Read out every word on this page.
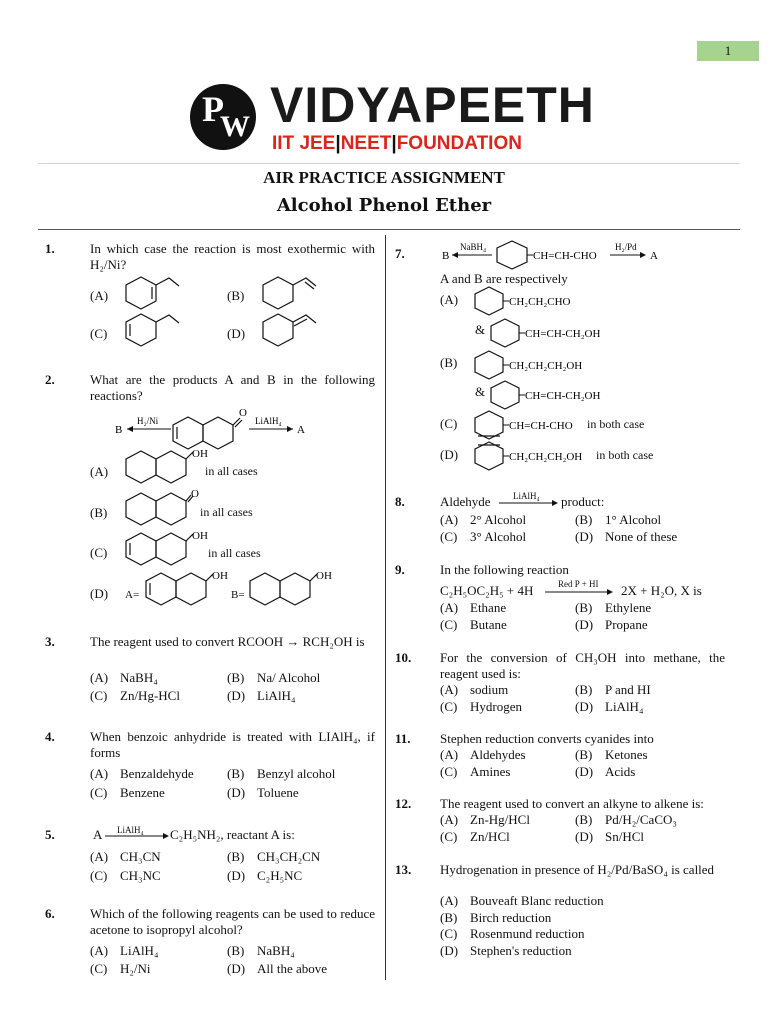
1
P
W VIDYAPEETH
IIT JEE|NEET|FOUNDATION
AIR PRACTICE ASSIGNMENT
Alcohol Phenol Ether
1.	In which case the reaction is most exothermic with H₂/Ni?
(A)	(B)
(C)	(D)
2.	What are the products A and B in the following reactions?
B
H₂/Ni
O
LiAlH₄
A
(A)
OH
in all cases
(B)
O
in all cases
(C)
OH
in all cases
(D) A=
OH
B=
OH
3.	The reagent used to convert RCOOH → RCH₂OH is
(A) NaBH₄	(B) Na/ Alcohol
(C) Zn/Hg-HCl	(D) LiAlH₄
4.	When benzoic anhydride is treated with LIAlH₄, if forms
(A) Benzaldehyde	(B) Benzyl alcohol
(C) Benzene	(D) Toluene
5.	A LiAlH₄ C₂H₅NH₂, reactant A is:
(A) CH₃CN	(B) CH₃CH₂CN
(C) CH₃NC	(D) C₂H₅NC
6.	Which of the following reagents can be used to reduce acetone to isopropyl alcohol?
(A) LiAlH₄	(B) NaBH₄
(C) H₂/Ni	(D) All the above
7.	B
NaBH₄
CH=CH-CHO
H₂/Pd
A
A and B are respectively
(A)	CH₂CH₂CHO
&	CH=CH-CH₂OH
(B)	CH₂CH₂CH₂OH
&	CH=CH-CH₂OH
(C)	CH=CH-CHO in both case
(D)	CH₂CH₂CH₂OH in both case
8.	Aldehyde LiAlH₄ product:
(A) 2° Alcohol	(B) 1° Alcohol
(C) 3° Alcohol	(D) None of these
9.	In the following reaction
C₂H₅OC₂H₅ + 4H	Red P + HI 2X + H₂O, X is
(A) Ethane	(B) Ethylene
(C) Butane	(D) Propane
10. For the conversion of CH₃OH into methane, the reagent used is:
(A) sodium	(B) P and HI
(C) Hydrogen	(D) LiAlH₄
11. Stephen reduction converts cyanides into
(A) Aldehydes	(B) Ketones
(C) Amines	(D) Acids
12. The reagent used to convert an alkyne to alkene is:
(A) Zn-Hg/HCl	(B) Pd/H₂/CaCO₃
(C) Zn/HCl	(D) Sn/HCl
13. Hydrogenation in presence of H₂/Pd/BaSO₄ is called
(A) Bouveaft Blanc reduction
(B) Birch reduction
(C) Rosenmund reduction
(D) Stephen's reduction
